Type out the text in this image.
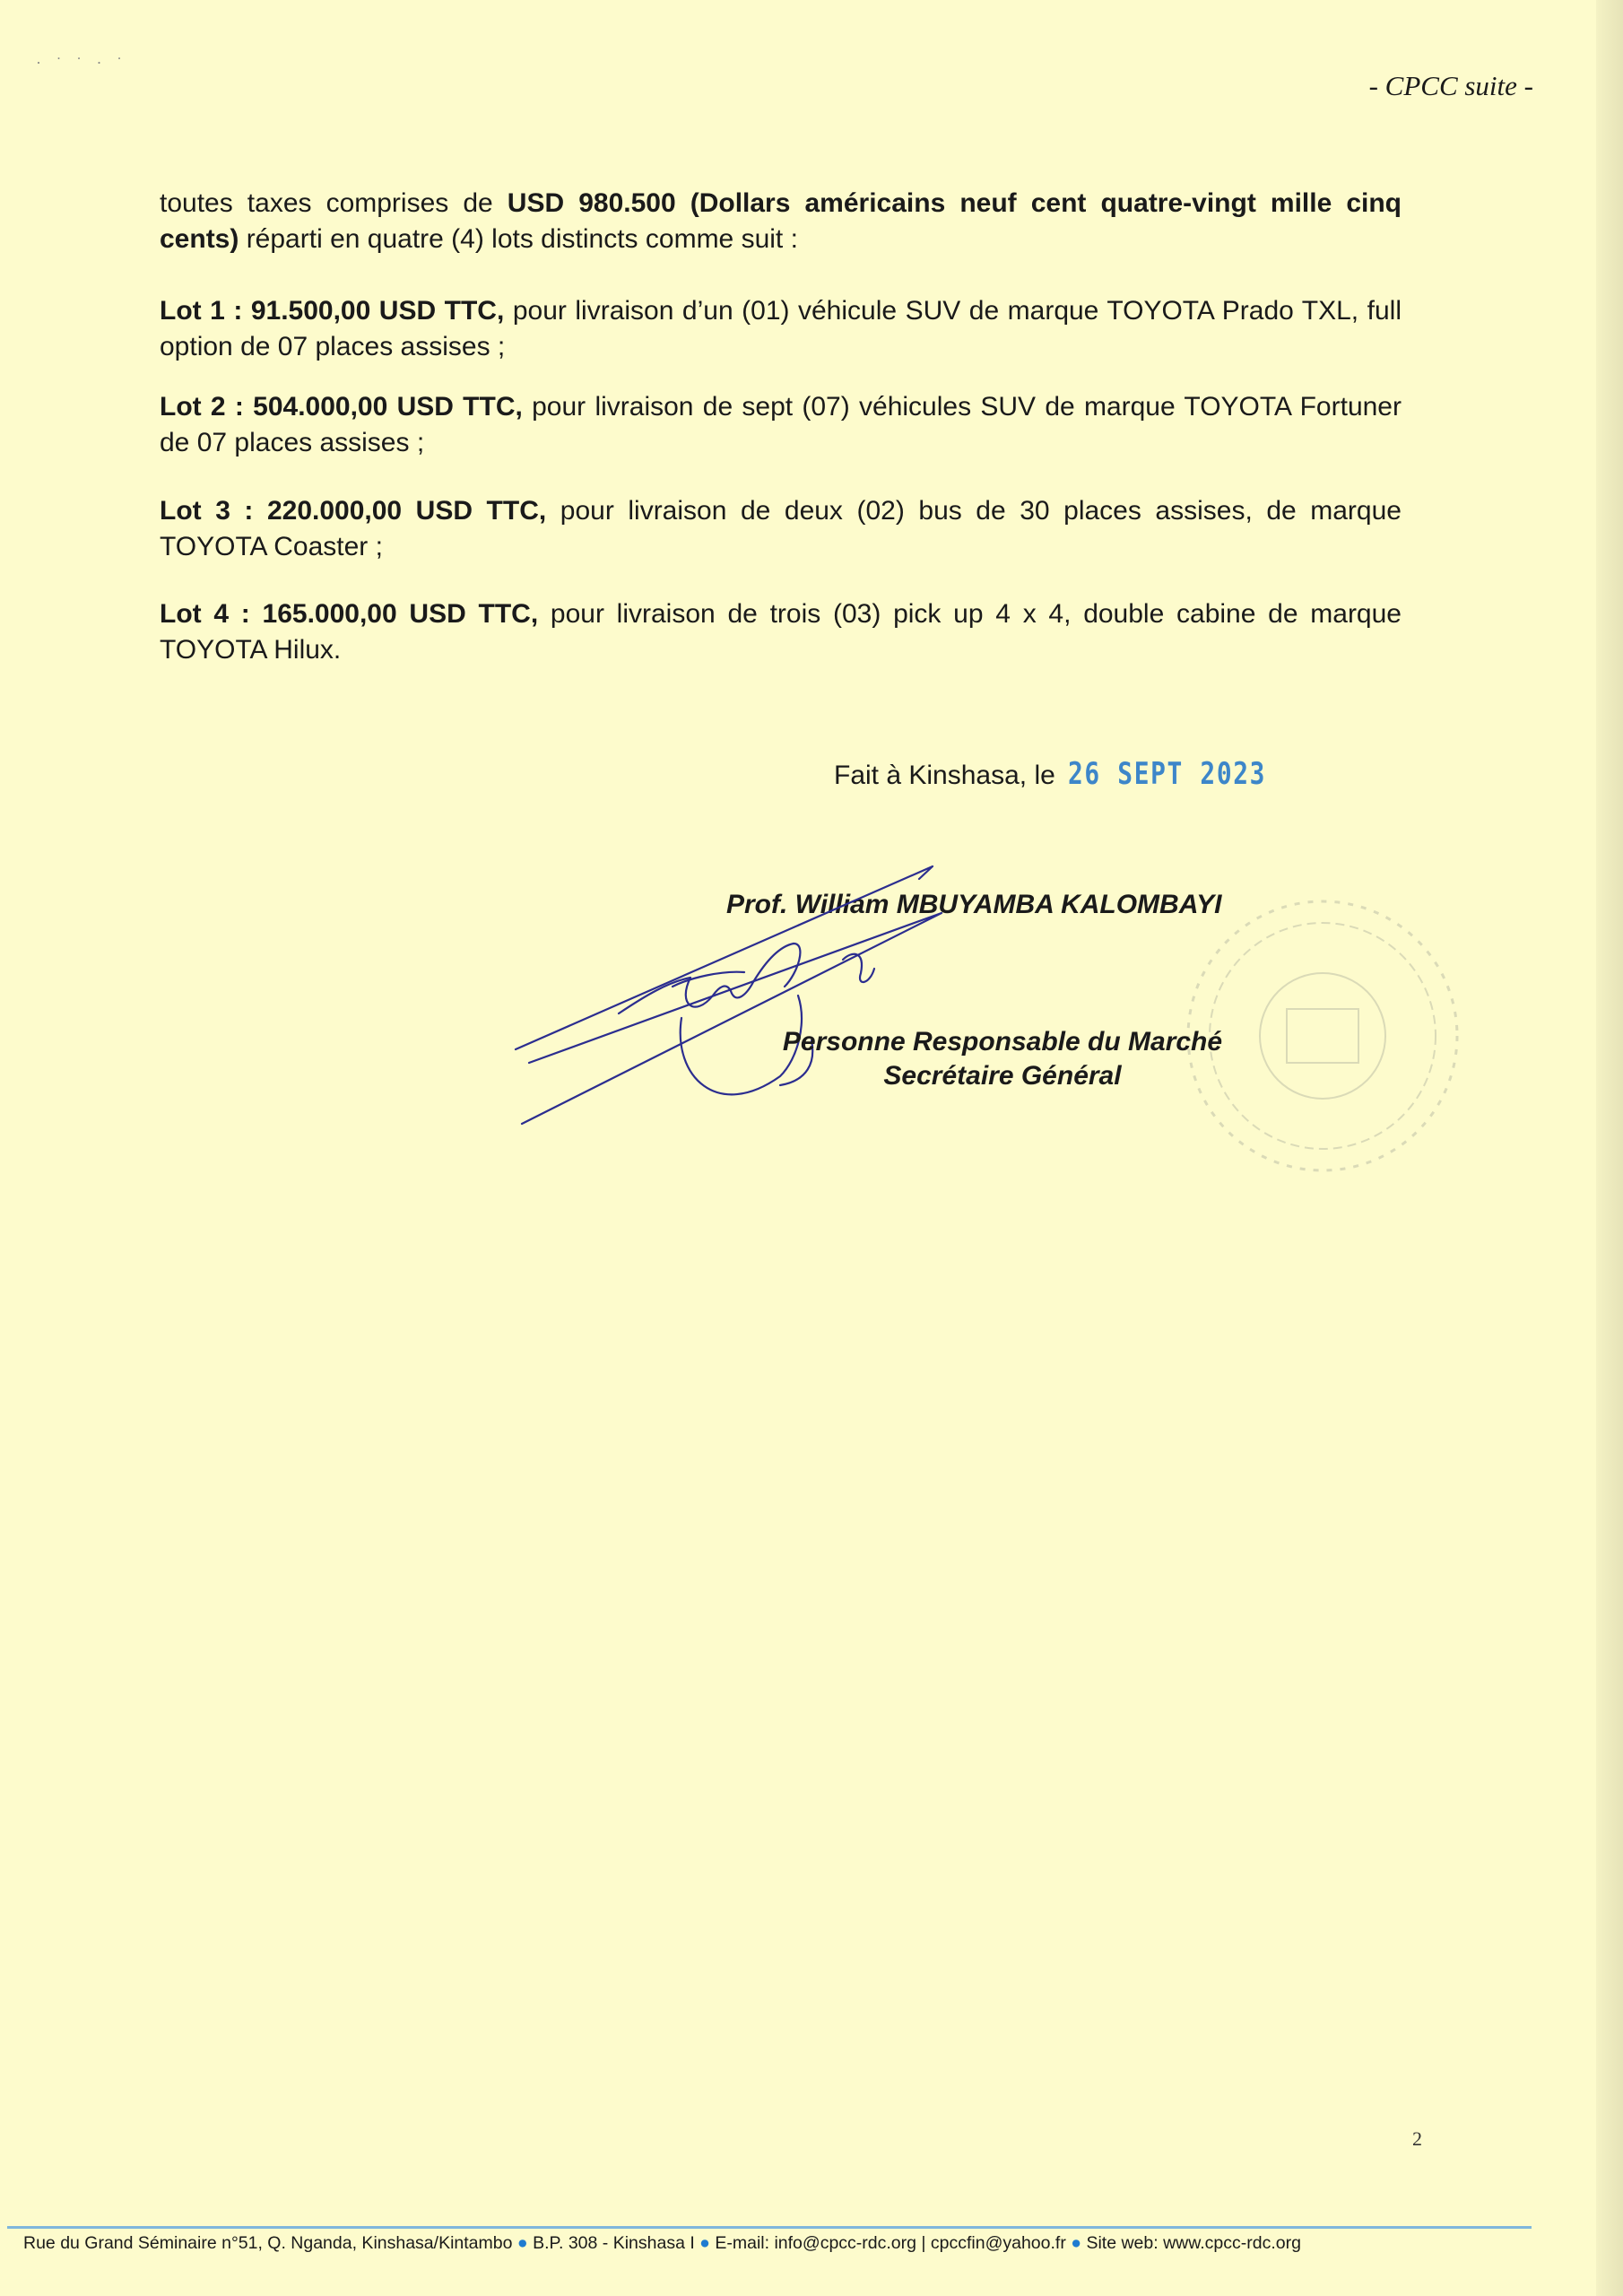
· ˙ ˙ · ˙
- CPCC suite -

toutes taxes comprises de USD 980.500 (Dollars américains neuf cent quatre-vingt mille cinq cents) réparti en quatre (4) lots distincts comme suit :

Lot 1 : 91.500,00 USD TTC, pour livraison d’un (01) véhicule SUV de marque TOYOTA Prado TXL, full option de 07 places assises ;

Lot 2 : 504.000,00 USD TTC, pour livraison de sept (07) véhicules SUV de marque TOYOTA Fortuner de 07 places assises ;

Lot 3 : 220.000,00 USD TTC, pour livraison de deux (02) bus de 30 places assises, de marque TOYOTA Coaster ;

Lot 4 : 165.000,00 USD TTC, pour livraison de trois (03) pick up 4 x 4, double cabine de marque TOYOTA Hilux.

Fait à Kinshasa, le 26 SEPT 2023
Prof. William MBUYAMBA KALOMBAYI
Personne Responsable du Marché
Secrétaire Général
2
Rue du Grand Séminaire n°51, Q. Nganda, Kinshasa/Kintambo ● B.P. 308 - Kinshasa I ● E-mail: info@cpcc-rdc.org | cpccfin@yahoo.fr ● Site web: www.cpcc-rdc.org
